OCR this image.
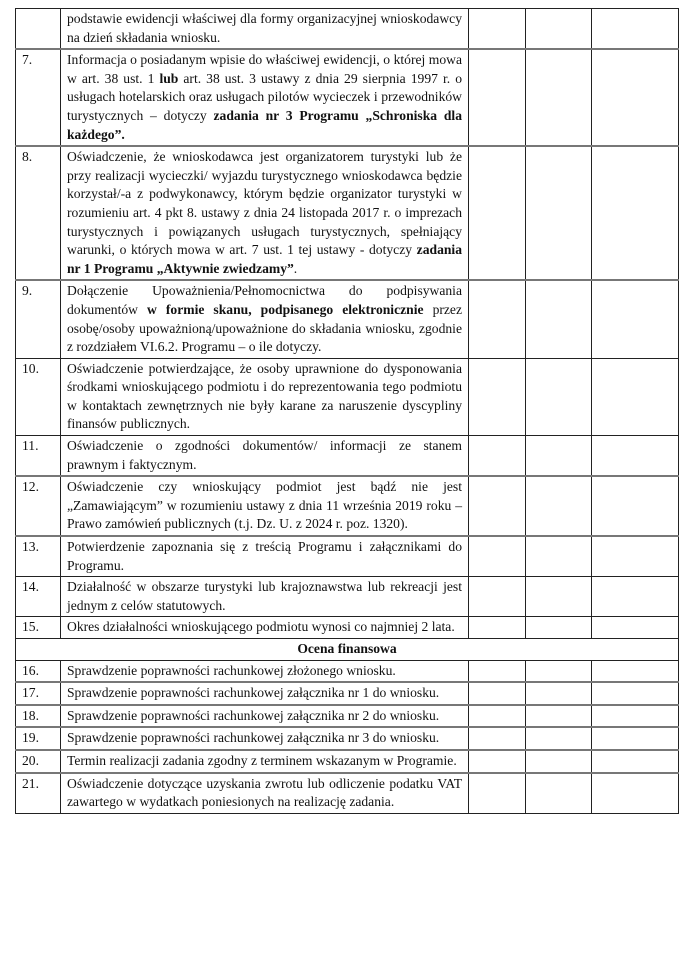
	podstawie ewidencji właściwej dla formy organizacyjnej wnioskodawcy na dzień składania wniosku.			
7.	Informacja o posiadanym wpisie do właściwej ewidencji, o której mowa w art. 38 ust. 1 lub art. 38 ust. 3 ustawy z dnia 29 sierpnia 1997 r. o usługach hotelarskich oraz usługach pilotów wycieczek i przewodników turystycznych – dotyczy zadania nr 3 Programu „Schroniska dla każdego”.			
8.	Oświadczenie, że wnioskodawca jest organizatorem turystyki lub że przy realizacji wycieczki/ wyjazdu turystycznego wnioskodawca będzie korzystał/-a z podwykonawcy, którym będzie organizator turystyki w rozumieniu art. 4 pkt 8. ustawy z dnia 24 listopada 2017 r. o imprezach turystycznych i powiązanych usługach turystycznych, spełniający warunki, o których mowa w art. 7 ust. 1 tej ustawy - dotyczy zadania nr 1 Programu „Aktywnie zwiedzamy”.			
9.	Dołączenie Upoważnienia/Pełnomocnictwa do podpisywania dokumentów w formie skanu, podpisanego elektronicznie przez osobę/osoby upoważnioną/upoważnione do składania wniosku, zgodnie z rozdziałem VI.6.2. Programu – o ile dotyczy.			
10.	Oświadczenie potwierdzające, że osoby uprawnione do dysponowania środkami wnioskującego podmiotu i do reprezentowania tego podmiotu w kontaktach zewnętrznych nie były karane za naruszenie dyscypliny finansów publicznych.			
11.	Oświadczenie o zgodności dokumentów/ informacji ze stanem prawnym i faktycznym.			
12.	Oświadczenie czy wnioskujący podmiot jest bądź nie jest „Zamawiającym” w rozumieniu ustawy z dnia 11 września 2019 roku – Prawo zamówień publicznych (t.j. Dz. U. z 2024 r. poz. 1320).			
13.	Potwierdzenie zapoznania się z treścią Programu i załącznikami do Programu.			
14.	Działalność w obszarze turystyki lub krajoznawstwa lub rekreacji jest jednym z celów statutowych.			
15.	Okres działalności wnioskującego podmiotu wynosi co najmniej 2 lata.			
Ocena finansowa				
16.	Sprawdzenie poprawności rachunkowej złożonego wniosku.			
17.	Sprawdzenie poprawności rachunkowej załącznika nr 1 do wniosku.			
18.	Sprawdzenie poprawności rachunkowej załącznika nr 2 do wniosku.			
19.	Sprawdzenie poprawności rachunkowej załącznika nr 3 do wniosku.			
20.	Termin realizacji zadania zgodny z terminem wskazanym w Programie.			
21.	Oświadczenie dotyczące uzyskania zwrotu lub odliczenie podatku VAT zawartego w wydatkach poniesionych na realizację zadania.			
